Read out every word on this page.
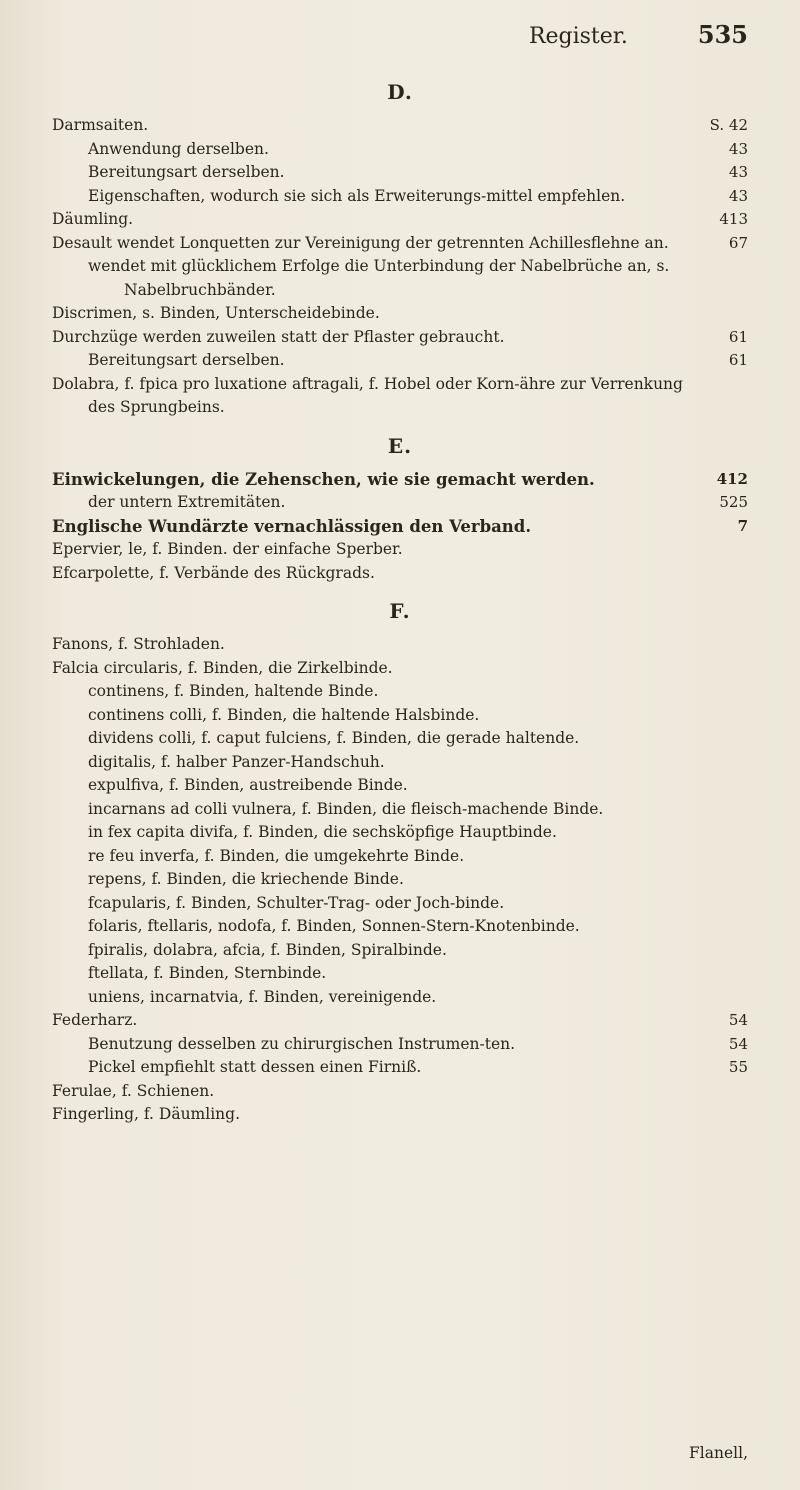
Register.	535
D.
Darmsaiten.	S. 42
Anwendung derselben.	43
Bereitungsart derselben.	43
Eigenschaften, wodurch sie sich als Erweiterungs-mittel empfehlen.	43
Däumling.	413
Desault wendet Lonquetten zur Vereinigung der getrennten Achillesflehne an.	67
wendet mit glücklichem Erfolge die Unterbindung der Nabelbrüche an, s. Nabelbruchbänder.
Discrimen, s. Binden, Unterscheidebinde.
Durchzüge werden zuweilen statt der Pflaster gebraucht.	61
Bereitungsart derselben.	61
Dolabra, f. fpica pro luxatione aftragali, f. Hobel oder Korn-ähre zur Verrenkung des Sprungbeins.
E.
Einwickelungen, die Zehenschen, wie sie gemacht werden.	412
der untern Extremitäten.	525
Englische Wundärzte vernachlässigen den Verband.	7
Epervier, le, f. Binden. der einfache Sperber.
Efcarpolette, f. Verbände des Rückgrads.
F.
Fanons, f. Strohladen.
Falcia circularis, f. Binden, die Zirkelbinde.
continens, f. Binden, haltende Binde.
continens colli, f. Binden, die haltende Halsbinde.
dividens colli, f. caput fulciens, f. Binden, die gerade haltende.
digitalis, f. halber Panzer-Handschuh.
expulfiva, f. Binden, austreibende Binde.
incarnans ad colli vulnera, f. Binden, die fleisch-machende Binde.
in fex capita divifa, f. Binden, die sechsköpfige Hauptbinde.
re feu inverfa, f. Binden, die umgekehrte Binde.
repens, f. Binden, die kriechende Binde.
fcapularis, f. Binden, Schulter-Trag- oder Joch-binde.
folaris, ftellaris, nodofa, f. Binden, Sonnen-Stern-Knotenbinde.
fpiralis, dolabra, afcia, f. Binden, Spiralbinde.
ftellata, f. Binden, Sternbinde.
uniens, incarnatvia, f. Binden, vereinigende.
Federharz.	54
Benutzung desselben zu chirurgischen Instrumen-ten.	54
Pickel empfiehlt statt dessen einen Firniß.	55
Ferulae, f. Schienen.
Fingerling, f. Däumling.
Flanell,
